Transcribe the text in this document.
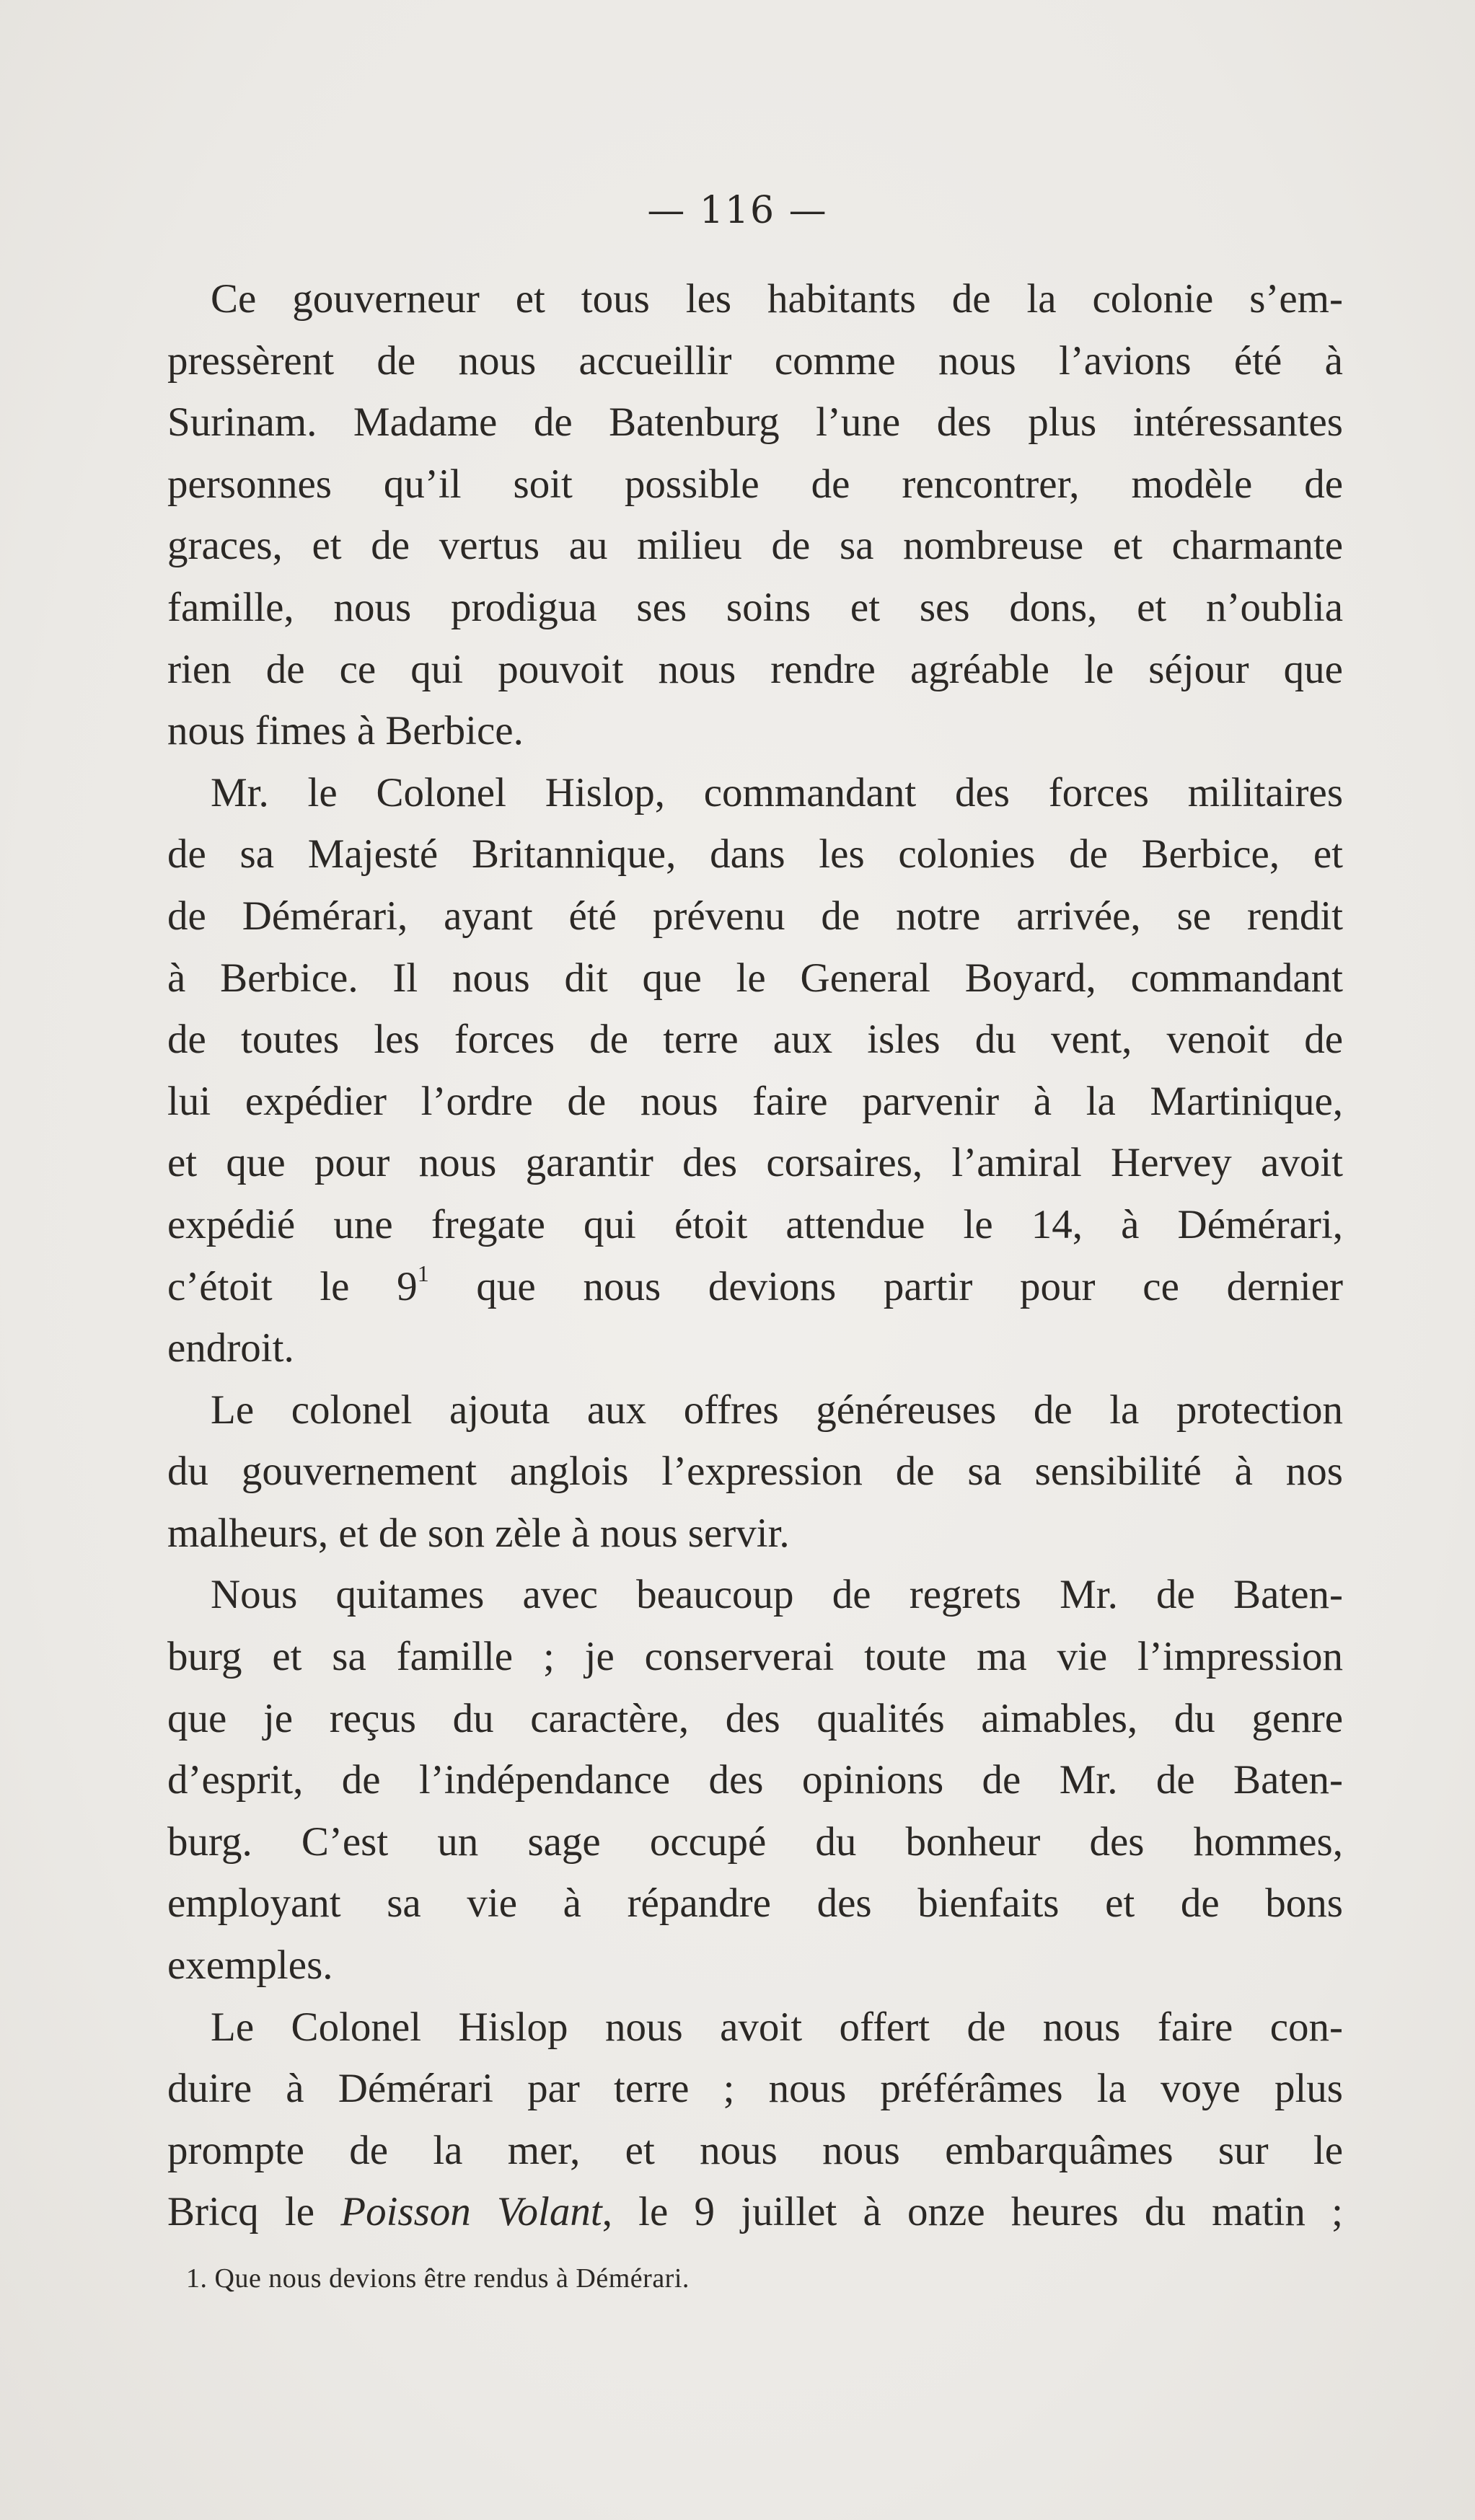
— 116 —
Ce gouverneur et tous les habitants de la colonie s’em-
pressèrent de nous accueillir comme nous l’avions été à
Surinam. Madame de Batenburg l’une des plus intéressantes
personnes qu’il soit possible de rencontrer, modèle de
graces, et de vertus au milieu de sa nombreuse et charmante
famille, nous prodigua ses soins et ses dons, et n’oublia
rien de ce qui pouvoit nous rendre agréable le séjour que
nous fimes à Berbice.
Mr. le Colonel Hislop, commandant des forces militaires
de sa Majesté Britannique, dans les colonies de Berbice, et
de Démérari, ayant été prévenu de notre arrivée, se rendit
à Berbice. Il nous dit que le General Boyard, commandant
de toutes les forces de terre aux isles du vent, venoit de
lui expédier l’ordre de nous faire parvenir à la Martinique,
et que pour nous garantir des corsaires, l’amiral Hervey avoit
expédié une fregate qui étoit attendue le 14, à Démérari,
c’étoit le $9^1$ que nous devions partir pour ce dernier
endroit.
Le colonel ajouta aux offres généreuses de la protection
du gouvernement anglois l’expression de sa sensibilité à nos
malheurs, et de son zèle à nous servir.
Nous quitames avec beaucoup de regrets Mr. de Baten-
burg et sa famille ; je conserverai toute ma vie l’impression
que je reçus du caractère, des qualités aimables, du genre
d’esprit, de l’indépendance des opinions de Mr. de Baten-
burg. C’est un sage occupé du bonheur des hommes,
employant sa vie à répandre des bienfaits et de bons
exemples.
Le Colonel Hislop nous avoit offert de nous faire con-
duire à Démérari par terre ; nous préférâmes la voye plus
prompte de la mer, et nous nous embarquâmes sur le
Bricq le Poisson Volant, le 9 juillet à onze heures du matin ;
1. Que nous devions être rendus à Démérari.
